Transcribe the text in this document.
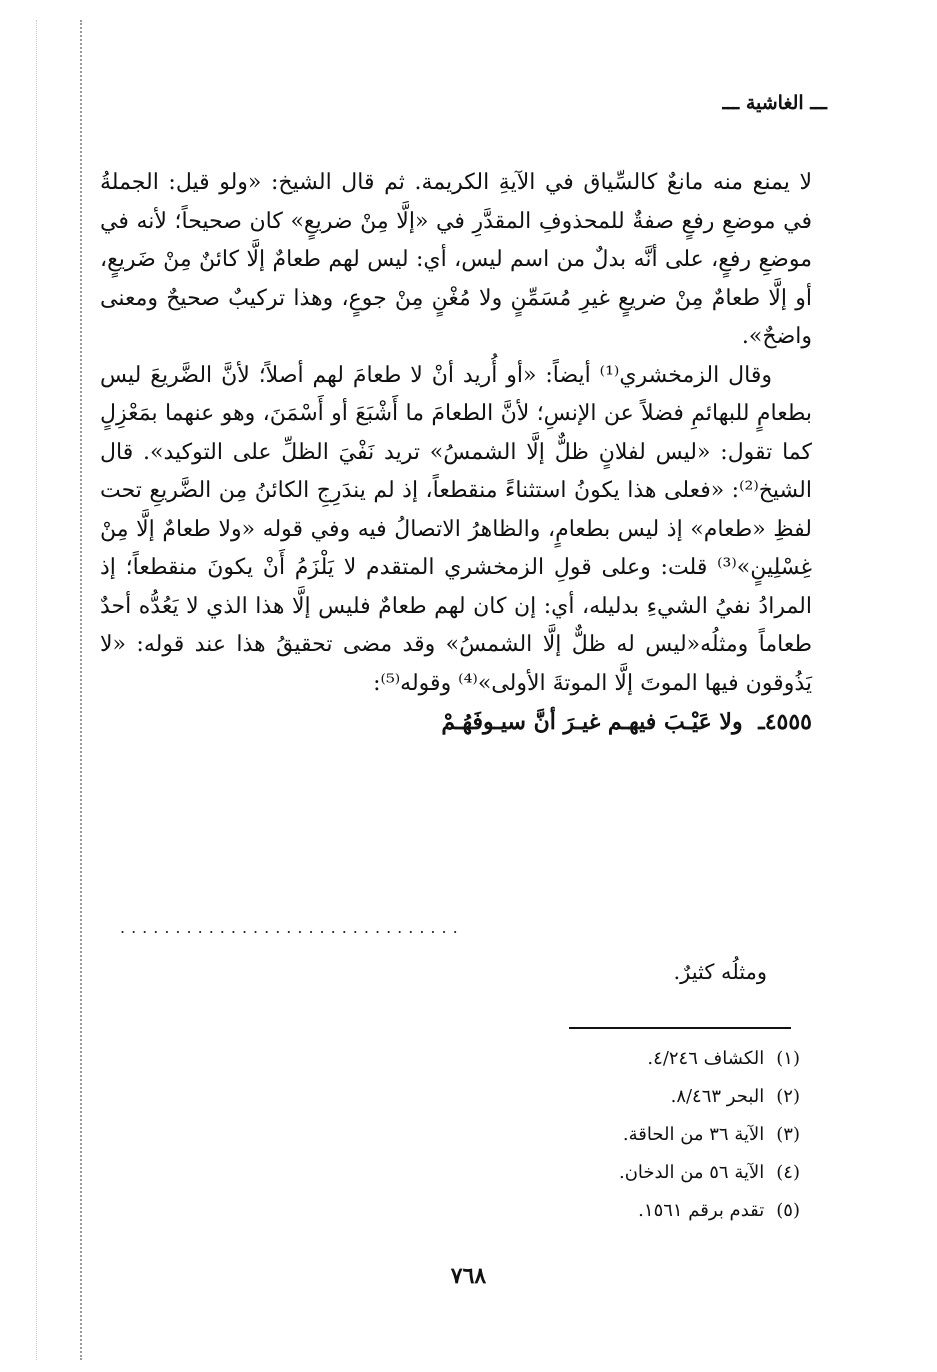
ـــ الغاشية ـــ

لا يمنع منه مانعٌ كالسِّياق في الآيةِ الكريمة. ثم قال الشيخ: «ولو قيل: الجملةُ في موضعِ رفعٍ صفةٌ للمحذوفِ المقدَّرِ في «إلَّا مِنْ ضريعٍ» كان صحيحاً؛ لأنه في موضعِ رفعٍ، على أنَّه بدلٌ من اسم ليس، أي: ليس لهم طعامٌ إلَّا كائنٌ مِنْ ضَريعٍ، أو إلَّا طعامٌ مِنْ ضريعٍ غيرِ مُسَمِّنٍ ولا مُغْنٍ مِنْ جوعٍ، وهذا تركيبٌ صحيحٌ ومعنى واضحٌ».

وقال الزمخشري⁽¹⁾ أيضاً: «أو أُريد أنْ لا طعامَ لهم أصلاً؛ لأنَّ الضَّريعَ ليس بطعامٍ للبهائمِ فضلاً عن الإنسِ؛ لأنَّ الطعامَ ما أَشْبَعَ أو أَسْمَنَ، وهو عنهما بمَعْزِلٍ كما تقول: «ليس لفلانٍ ظلٌّ إلَّا الشمسُ» تريد نَفْيَ الظلِّ على التوكيد». قال الشيخ⁽²⁾: «فعلى هذا يكونُ استثناءً منقطعاً، إذ لم يندَرِجِ الكائنُ مِن الضَّريعِ تحت لفظِ «طعام» إذ ليس بطعامٍ، والظاهرُ الاتصالُ فيه وفي قوله «ولا طعامٌ إلَّا مِنْ غِسْلِينٍ»⁽³⁾ قلت: وعلى قولِ الزمخشري المتقدم لا يَلْزَمُ أَنْ يكونَ منقطعاً؛ إذ المرادُ نفيُ الشيءِ بدليله، أي: إن كان لهم طعامٌ فليس إلَّا هذا الذي لا يَعُدُّه أحدٌ طعاماً ومثلُه«ليس له ظلٌّ إلَّا الشمسُ» وقد مضى تحقيقُ هذا عند قوله: «لا يَذُوقون فيها الموتَ إلَّا الموتةَ الأولى»⁽⁴⁾ وقوله⁽⁵⁾:

٤٥٥٥ـ ولا عَيْـبَ فيهـم غيـرَ أنَّ سيـوفَهُـمْ
...............................
ومثلُه كثيرٌ.
(١)الكشاف ٤/٢٤٦.
(٢)البحر ٨/٤٦٣.
(٣)الآية ٣٦ من الحاقة.
(٤)الآية ٥٦ من الدخان.
(٥)تقدم برقم ١٥٦١.
٧٦٨
